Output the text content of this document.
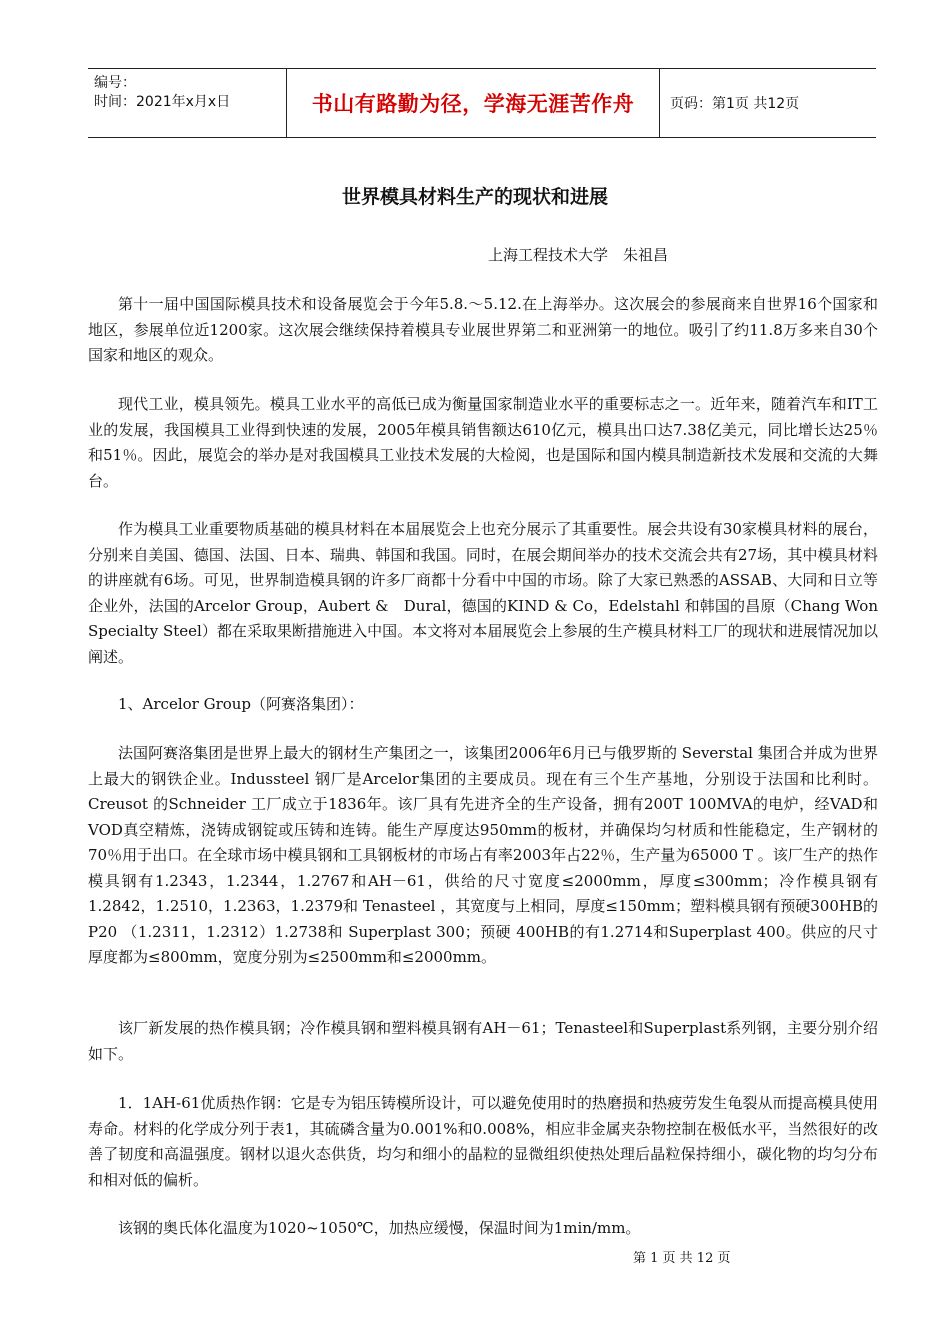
编号：
时间：2021年x月x日	书山有路勤为径，学海无涯苦作舟	页码：第1页 共12页
世界模具材料生产的现状和进展
上海工程技术大学　朱祖昌

第十一届中国国际模具技术和设备展览会于今年5.8.～5.12.在上海举办。这次展会的参展商来自世界16个国家和地区，参展单位近1200家。这次展会继续保持着模具专业展世界第二和亚洲第一的地位。吸引了约11.8万多来自30个国家和地区的观众。

现代工业，模具领先。模具工业水平的高低已成为衡量国家制造业水平的重要标志之一。近年来，随着汽车和IT工业的发展，我国模具工业得到快速的发展，2005年模具销售额达610亿元，模具出口达7.38亿美元，同比增长达25％和51％。因此，展览会的举办是对我国模具工业技术发展的大检阅，也是国际和国内模具制造新技术发展和交流的大舞台。

作为模具工业重要物质基础的模具材料在本届展览会上也充分展示了其重要性。展会共设有30家模具材料的展台，分别来自美国、德国、法国、日本、瑞典、韩国和我国。同时，在展会期间举办的技术交流会共有27场，其中模具材料的讲座就有6场。可见，世界制造模具钢的许多厂商都十分看中中国的市场。除了大家已熟悉的ASSAB、大同和日立等企业外，法国的Arcelor Group，Aubert &　Dural，德国的KIND & Co，Edelstahl 和韩国的昌原（Chang Won Specialty Steel）都在采取果断措施进入中国。本文将对本届展览会上参展的生产模具材料工厂的现状和进展情况加以阐述。

1、Arcelor Group（阿赛洛集团）：

法国阿赛洛集团是世界上最大的钢材生产集团之一，该集团2006年6月已与俄罗斯的 Severstal 集团合并成为世界上最大的钢铁企业。Indussteel 钢厂是Arcelor集团的主要成员。现在有三个生产基地，分别设于法国和比利时。Creusot 的Schneider 工厂成立于1836年。该厂具有先进齐全的生产设备，拥有200T 100MVA的电炉，经VAD和VOD真空精炼，浇铸成钢锭或压铸和连铸。能生产厚度达950mm的板材，并确保均匀材质和性能稳定，生产钢材的70％用于出口。在全球市场中模具钢和工具钢板材的市场占有率2003年占22％，生产量为65000 T 。该厂生产的热作模具钢有1.2343，1.2344，1.2767和AH－61，供给的尺寸宽度≤2000mm，厚度≤300mm；冷作模具钢有1.2842，1.2510，1.2363，1.2379和 Tenasteel ，其宽度与上相同，厚度≤150mm；塑料模具钢有预硬300HB的P20 （1.2311，1.2312）1.2738和 Superplast 300；预硬 400HB的有1.2714和Superplast 400。供应的尺寸厚度都为≤800mm，宽度分别为≤2500mm和≤2000mm。

该厂新发展的热作模具钢；冷作模具钢和塑料模具钢有AH－61；Tenasteel和Superplast系列钢，主要分别介绍如下。

1．1AH-61优质热作钢：它是专为铝压铸模所设计，可以避免使用时的热磨损和热疲劳发生龟裂从而提高模具使用寿命。材料的化学成分列于表1，其硫磷含量为0.001%和0.008%，相应非金属夹杂物控制在极低水平，当然很好的改善了韧度和高温强度。钢材以退火态供货，均匀和细小的晶粒的显微组织使热处理后晶粒保持细小，碳化物的均匀分布和相对低的偏析。

该钢的奥氏体化温度为1020~1050℃，加热应缓慢，保温时间为1min/mm。

第 1 页 共 12 页
